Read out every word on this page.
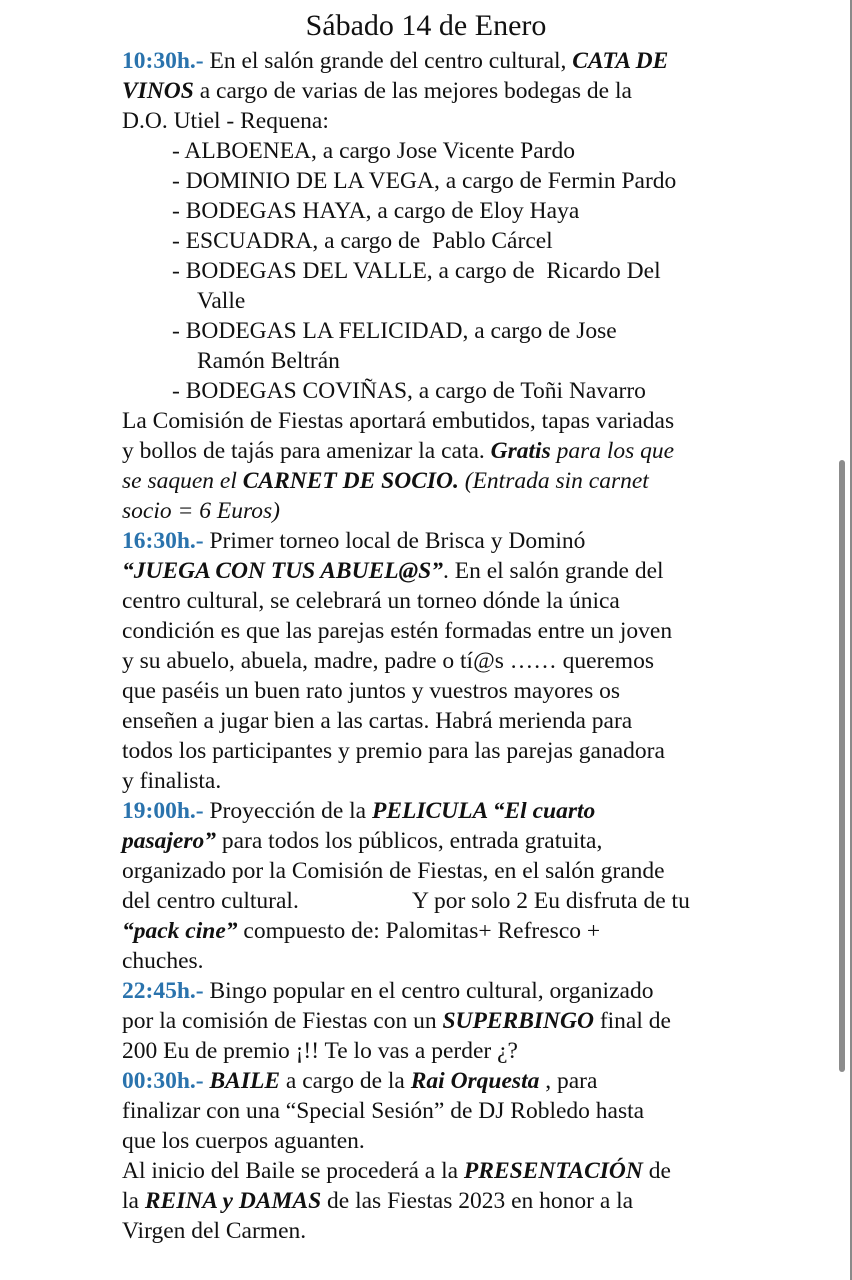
Sábado 14 de Enero
10:30h.- En el salón grande del centro cultural, CATA DE
VINOS a cargo de varias de las mejores bodegas de la
D.O. Utiel - Requena:
- ALBOENEA, a cargo Jose Vicente Pardo
- DOMINIO DE LA VEGA, a cargo de Fermin Pardo
- BODEGAS HAYA, a cargo de Eloy Haya
- ESCUADRA, a cargo de  Pablo Cárcel
- BODEGAS DEL VALLE, a cargo de  Ricardo Del
Valle
- BODEGAS LA FELICIDAD, a cargo de Jose
Ramón Beltrán
- BODEGAS COVIÑAS, a cargo de Toñi Navarro
La Comisión de Fiestas aportará embutidos, tapas variadas
y bollos de tajás para amenizar la cata. Gratis para los que
se saquen el CARNET DE SOCIO. (Entrada sin carnet
socio = 6 Euros)
16:30h.- Primer torneo local de Brisca y Dominó
“JUEGA CON TUS ABUEL@S”. En el salón grande del
centro cultural, se celebrará un torneo dónde la única
condición es que las parejas estén formadas entre un joven
y su abuelo, abuela, madre, padre o tí@s …… queremos
que paséis un buen rato juntos y vuestros mayores os
enseñen a jugar bien a las cartas. Habrá merienda para
todos los participantes y premio para las parejas ganadora
y finalista.
19:00h.- Proyección de la PELICULA “El cuarto
pasajero” para todos los públicos, entrada gratuita,
organizado por la Comisión de Fiestas, en el salón grande
del centro cultural.	Y por solo 2 Eu disfruta de tu
“pack cine” compuesto de: Palomitas+ Refresco +
chuches.
22:45h.- Bingo popular en el centro cultural, organizado
por la comisión de Fiestas con un SUPERBINGO final de
200 Eu de premio ¡!! Te lo vas a perder ¿?
00:30h.- BAILE a cargo de la Rai Orquesta , para
finalizar con una “Special Sesión” de DJ Robledo hasta
que los cuerpos aguanten.
Al inicio del Baile se procederá a la PRESENTACIÓN de
la REINA y DAMAS de las Fiestas 2023 en honor a la
Virgen del Carmen.
